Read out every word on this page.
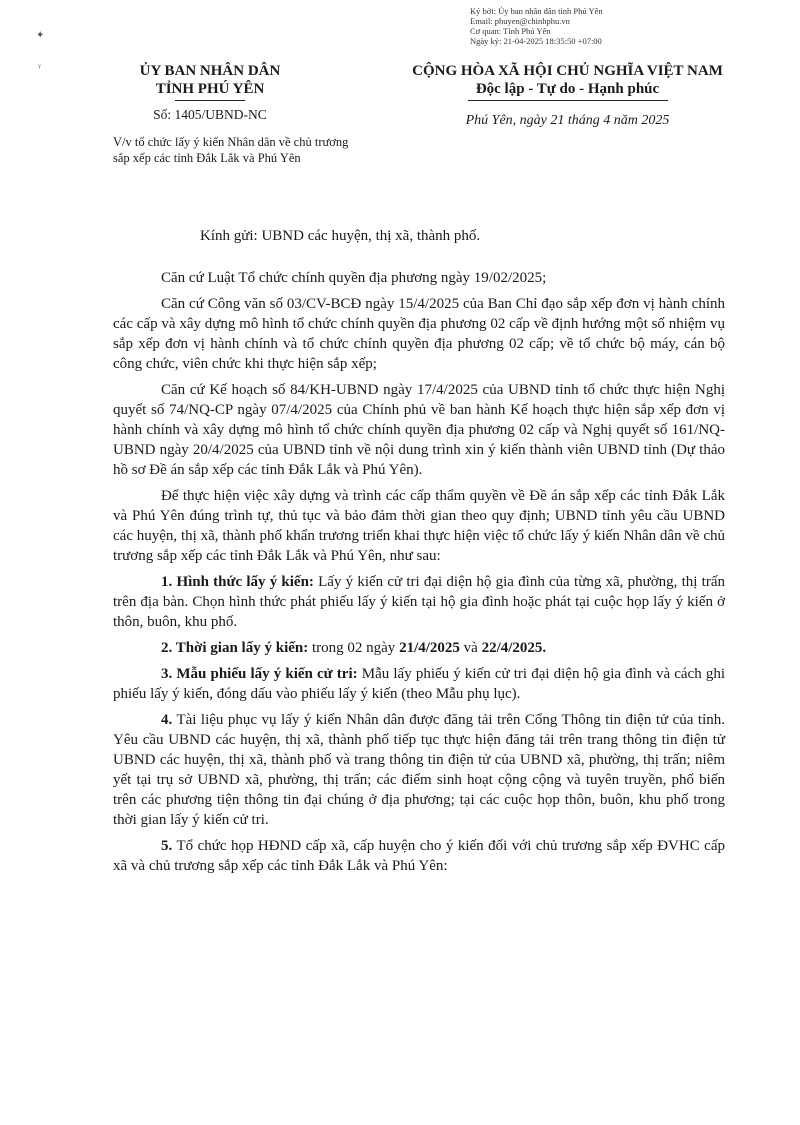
Ký bởi: Ủy ban nhân dân tỉnh Phú Yên
Email: phuyen@chinhphu.vn
Cơ quan: Tỉnh Phú Yên
Ngày ký: 21-04-2025 18:35:50 +07:00
✦
ᵞ	ỦY BAN NHÂN DÂN
TỈNH PHÚ YÊN
Số: 1405/UBND-NC
CỘNG HÒA XÃ HỘI CHỦ NGHĨA VIỆT NAM
Độc lập - Tự do - Hạnh phúc
Phú Yên, ngày 21 tháng 4 năm 2025
V/v tổ chức lấy ý kiến Nhân dân về chủ trương sắp xếp các tỉnh Đắk Lắk và Phú Yên
Kính gửi: UBND các huyện, thị xã, thành phố.

Căn cứ Luật Tổ chức chính quyền địa phương ngày 19/02/2025;

Căn cứ Công văn số 03/CV-BCĐ ngày 15/4/2025 của Ban Chỉ đạo sắp xếp đơn vị hành chính các cấp và xây dựng mô hình tổ chức chính quyền địa phương 02 cấp về định hướng một số nhiệm vụ sắp xếp đơn vị hành chính và tổ chức chính quyền địa phương 02 cấp; về tổ chức bộ máy, cán bộ công chức, viên chức khi thực hiện sắp xếp;

Căn cứ Kế hoạch số 84/KH-UBND ngày 17/4/2025 của UBND tỉnh tổ chức thực hiện Nghị quyết số 74/NQ-CP ngày 07/4/2025 của Chính phủ về ban hành Kế hoạch thực hiện sắp xếp đơn vị hành chính và xây dựng mô hình tổ chức chính quyền địa phương 02 cấp và Nghị quyết số 161/NQ-UBND ngày 20/4/2025 của UBND tỉnh về nội dung trình xin ý kiến thành viên UBND tỉnh (Dự thảo hồ sơ Đề án sắp xếp các tỉnh Đắk Lắk và Phú Yên).

Để thực hiện việc xây dựng và trình các cấp thẩm quyền về Đề án sắp xếp các tỉnh Đắk Lắk và Phú Yên đúng trình tự, thủ tục và bảo đảm thời gian theo quy định; UBND tỉnh yêu cầu UBND các huyện, thị xã, thành phố khẩn trương triển khai thực hiện việc tổ chức lấy ý kiến Nhân dân về chủ trương sắp xếp các tỉnh Đắk Lắk và Phú Yên, như sau:

1. Hình thức lấy ý kiến: Lấy ý kiến cử tri đại diện hộ gia đình của từng xã, phường, thị trấn trên địa bàn. Chọn hình thức phát phiếu lấy ý kiến tại hộ gia đình hoặc phát tại cuộc họp lấy ý kiến ở thôn, buôn, khu phố.

2. Thời gian lấy ý kiến: trong 02 ngày 21/4/2025 và 22/4/2025.

3. Mẫu phiếu lấy ý kiến cử tri: Mẫu lấy phiếu ý kiến cử tri đại diện hộ gia đình và cách ghi phiếu lấy ý kiến, đóng dấu vào phiếu lấy ý kiến (theo Mẫu phụ lục).

4. Tài liệu phục vụ lấy ý kiến Nhân dân được đăng tải trên Cổng Thông tin điện tử của tỉnh. Yêu cầu UBND các huyện, thị xã, thành phố tiếp tục thực hiện đăng tải trên trang thông tin điện tử UBND các huyện, thị xã, thành phố và trang thông tin điện tử của UBND xã, phường, thị trấn; niêm yết tại trụ sở UBND xã, phường, thị trấn; các điểm sinh hoạt cộng cộng và tuyên truyền, phổ biến trên các phương tiện thông tin đại chúng ở địa phương; tại các cuộc họp thôn, buôn, khu phố trong thời gian lấy ý kiến cử tri.

5. Tổ chức họp HĐND cấp xã, cấp huyện cho ý kiến đối với chủ trương sắp xếp ĐVHC cấp xã và chủ trương sắp xếp các tỉnh Đắk Lắk và Phú Yên:
